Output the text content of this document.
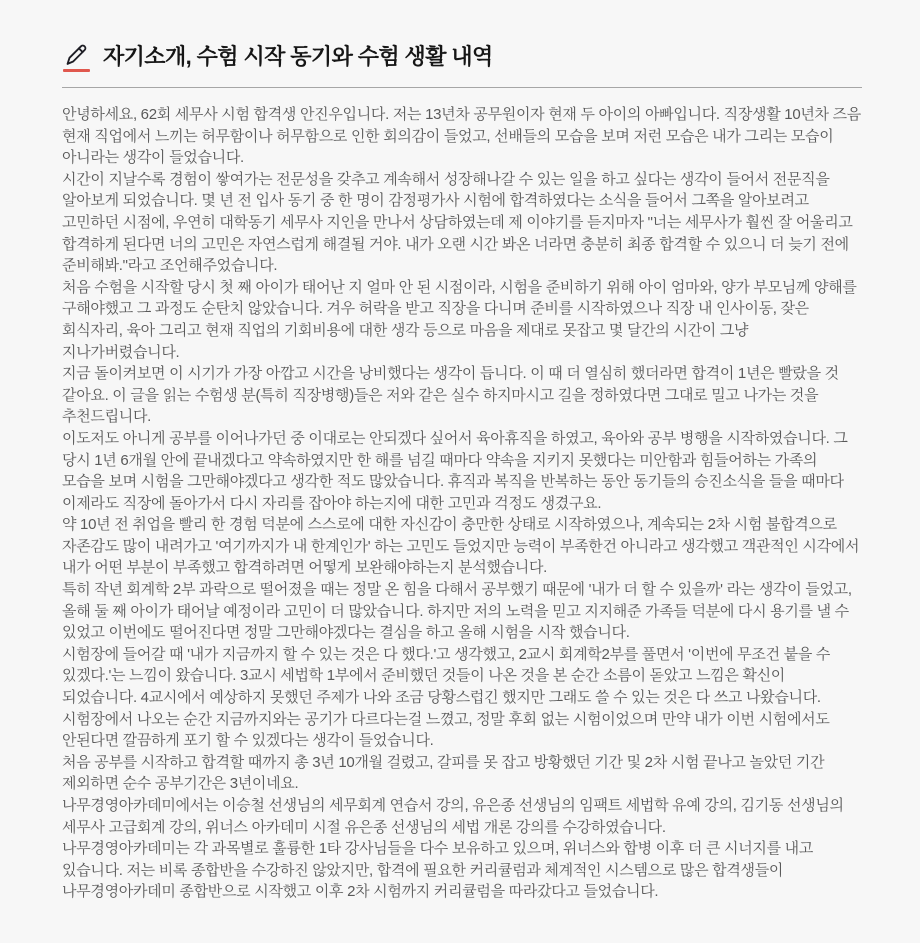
자기소개, 수험 시작 동기와 수험 생활 내역

안녕하세요, 62회 세무사 시험 합격생 안진우입니다. 저는 13년차 공무원이자 현재 두 아이의 아빠입니다. 직장생활 10년차 즈음 현재 직업에서 느끼는 허무함이나 허무함으로 인한 회의감이 들었고, 선배들의 모습을 보며 저런 모습은 내가 그리는 모습이 아니라는 생각이 들었습니다.

시간이 지날수록 경험이 쌓여가는 전문성을 갖추고 계속해서 성장해나갈 수 있는 일을 하고 싶다는 생각이 들어서 전문직을 알아보게 되었습니다. 몇 년 전 입사 동기 중 한 명이 감정평가사 시험에 합격하였다는 소식을 들어서 그쪽을 알아보려고 고민하던 시점에, 우연히 대학동기 세무사 지인을 만나서 상담하였는데 제 이야기를 듣지마자 "너는 세무사가 훨씬 잘 어울리고 합격하게 된다면 너의 고민은 자연스럽게 해결될 거야. 내가 오랜 시간 봐온 너라면 충분히 최종 합격할 수 있으니 더 늦기 전에 준비해봐."라고 조언해주었습니다.

처음 수험을 시작할 당시 첫 째 아이가 태어난 지 얼마 안 된 시점이라, 시험을 준비하기 위해 아이 엄마와, 양가 부모님께 양해를 구해야했고 그 과정도 순탄치 않았습니다. 겨우 허락을 받고 직장을 다니며 준비를 시작하였으나 직장 내 인사이동, 잦은 회식자리, 육아 그리고 현재 직업의 기회비용에 대한 생각 등으로 마음을 제대로 못잡고 몇 달간의 시간이 그냥 지나가버렸습니다.

지금 돌이켜보면 이 시기가 가장 아깝고 시간을 낭비했다는 생각이 듭니다. 이 때 더 열심히 했더라면 합격이 1년은 빨랐을 것 같아요. 이 글을 읽는 수험생 분(특히 직장병행)들은 저와 같은 실수 하지마시고 길을 정하였다면 그대로 밀고 나가는 것을 추천드립니다.

이도저도 아니게 공부를 이어나가던 중 이대로는 안되겠다 싶어서 육아휴직을 하였고, 육아와 공부 병행을 시작하였습니다. 그 당시 1년 6개월 안에 끝내겠다고 약속하였지만 한 해를 넘길 때마다 약속을 지키지 못했다는 미안함과 힘들어하는 가족의 모습을 보며 시험을 그만해야겠다고 생각한 적도 많았습니다. 휴직과 복직을 반복하는 동안 동기들의 승진소식을 들을 때마다 이제라도 직장에 돌아가서 다시 자리를 잡아야 하는지에 대한 고민과 걱정도 생겼구요.

약 10년 전 취업을 빨리 한 경험 덕분에 스스로에 대한 자신감이 충만한 상태로 시작하였으나, 계속되는 2차 시험 불합격으로 자존감도 많이 내려가고 '여기까지가 내 한계인가' 하는 고민도 들었지만 능력이 부족한건 아니라고 생각했고 객관적인 시각에서 내가 어떤 부분이 부족했고 합격하려면 어떻게 보완해야하는지 분석했습니다.

특히 작년 회계학 2부 과락으로 떨어졌을 때는 정말 온 힘을 다해서 공부했기 때문에 '내가 더 할 수 있을까' 라는 생각이 들었고, 올해 둘 째 아이가 태어날 예정이라 고민이 더 많았습니다. 하지만 저의 노력을 믿고 지지해준 가족들 덕분에 다시 용기를 낼 수 있었고 이번에도 떨어진다면 정말 그만해야겠다는 결심을 하고 올해 시험을 시작 했습니다.

시험장에 들어갈 때 '내가 지금까지 할 수 있는 것은 다 했다.'고 생각했고, 2교시 회계학2부를 풀면서 '이번에 무조건 붙을 수 있겠다.'는 느낌이 왔습니다. 3교시 세법학 1부에서 준비했던 것들이 나온 것을 본 순간 소름이 돋았고 느낌은 확신이 되었습니다. 4교시에서 예상하지 못했던 주제가 나와 조금 당황스럽긴 했지만 그래도 쓸 수 있는 것은 다 쓰고 나왔습니다.

시험장에서 나오는 순간 지금까지와는 공기가 다르다는걸 느꼈고, 정말 후회 없는 시험이었으며 만약 내가 이번 시험에서도 안된다면 깔끔하게 포기 할 수 있겠다는 생각이 들었습니다.

처음 공부를 시작하고 합격할 때까지 총 3년 10개월 걸렸고, 갈피를 못 잡고 방황했던 기간 및 2차 시험 끝나고 놀았던 기간 제외하면 순수 공부기간은 3년이네요.

나무경영아카데미에서는 이승철 선생님의 세무회계 연습서 강의, 유은종 선생님의 임팩트 세법학 유예 강의, 김기동 선생님의 세무사 고급회계 강의, 위너스 아카데미 시절 유은종 선생님의 세법 개론 강의를 수강하였습니다.

나무경영아카데미는 각 과목별로 훌륭한 1타 강사님들을 다수 보유하고 있으며, 위너스와 합병 이후 더 큰 시너지를 내고 있습니다. 저는 비록 종합반을 수강하진 않았지만, 합격에 필요한 커리큘럼과 체계적인 시스템으로 많은 합격생들이 나무경영아카데미 종합반으로 시작했고 이후 2차 시험까지 커리큘럼을 따라갔다고 들었습니다.
